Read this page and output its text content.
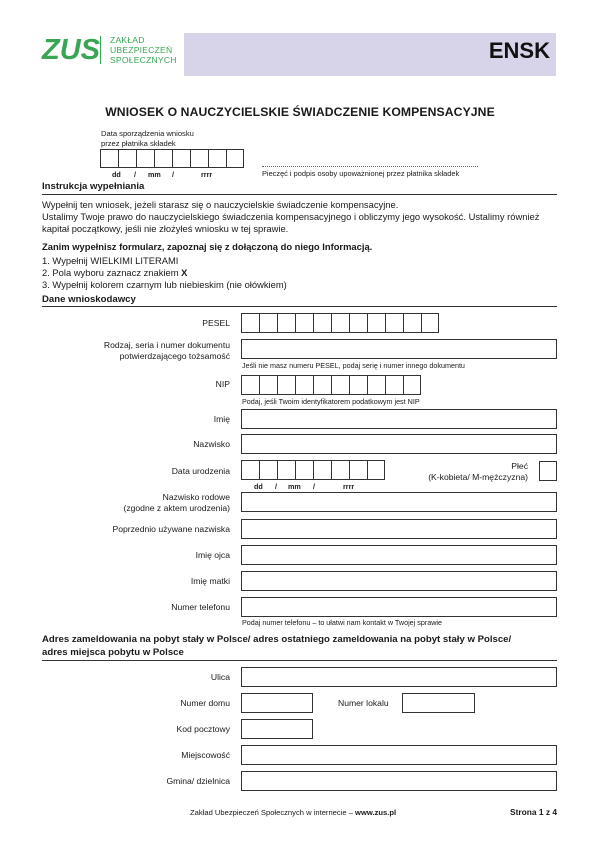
ZUS ZAKŁAD
UBEZPIECZEŃ
SPOŁECZNYCH	ENSK
WNIOSEK O NAUCZYCIELSKIE ŚWIADCZENIE KOMPENSACYJNE
Data sporządzenia wniosku
przez płatnika składek
dd / mm /	rrrr	Pieczęć i podpis osoby upoważnionej przez płatnika składek
Instrukcja wypełniania
Wypełnij ten wniosek, jeżeli starasz się o nauczycielskie świadczenie kompensacyjne.
Ustalimy Twoje prawo do nauczycielskiego świadczenia kompensacyjnego i obliczymy jego wysokość. Ustalimy również kapitał początkowy, jeśli nie złożyłeś wniosku w tej sprawie.
Zanim wypełnisz formularz, zapoznaj się z dołączoną do niego Informacją.
1. Wypełnij WIELKIMI LITERAMI
2. Pola wyboru zaznacz znakiem X
3. Wypełnij kolorem czarnym lub niebieskim (nie ołówkiem)
Dane wnioskodawcy
PESEL
Rodzaj, seria i numer dokumentu
potwierdzającego tożsamość
Jeśli nie masz numeru PESEL, podaj serię i numer innego dokumentu
NIP
Podaj, jeśli Twoim identyfikatorem podatkowym jest NIP
Imię
Nazwisko
Data urodzenia
dd / mm /	rrrr
Płeć
(K-kobieta/ M-mężczyzna)
Nazwisko rodowe
(zgodne z aktem urodzenia)
Poprzednio używane nazwiska
Imię ojca
Imię matki
Numer telefonu
Podaj numer telefonu – to ułatwi nam kontakt w Twojej sprawie
Adres zameldowania na pobyt stały w Polsce/ adres ostatniego zameldowania na pobyt stały w Polsce/
adres miejsca pobytu w Polsce
Ulica
Numer domu	Numer lokalu
Kod pocztowy
Miejscowość
Gmina/ dzielnica
Zakład Ubezpieczeń Społecznych w internecie – www.zus.pl	Strona 1 z 4
